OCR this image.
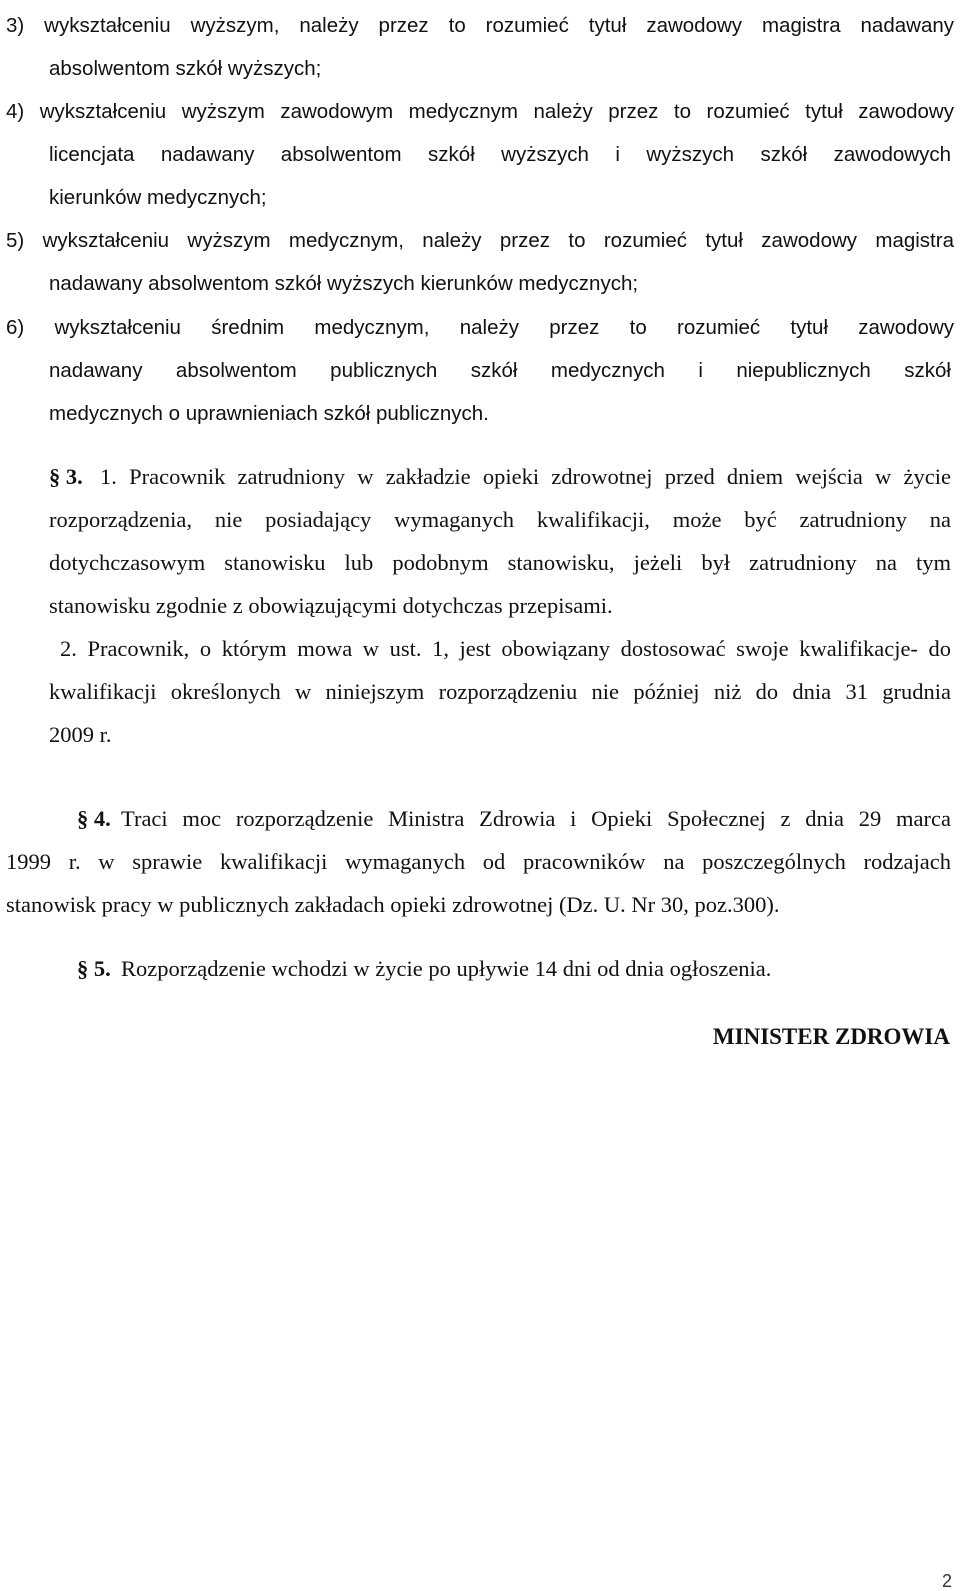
3) wykształceniu wyższym, należy przez to rozumieć tytuł zawodowy magistra nadawany
absolwentom szkół wyższych;
4) wykształceniu wyższym zawodowym medycznym należy przez to rozumieć tytuł zawodowy
licencjata nadawany absolwentom szkół wyższych i wyższych szkół zawodowych
kierunków medycznych;
5) wykształceniu wyższym medycznym, należy przez to rozumieć tytuł zawodowy magistra
nadawany absolwentom szkół wyższych kierunków medycznych;
6) wykształceniu średnim medycznym, należy przez to rozumieć tytuł zawodowy
nadawany absolwentom publicznych szkół medycznych i niepublicznych szkół
medycznych o uprawnieniach szkół publicznych.
§ 3. 1. Pracownik zatrudniony w zakładzie opieki zdrowotnej przed dniem wejścia w życie
rozporządzenia, nie posiadający wymaganych kwalifikacji, może być zatrudniony na
dotychczasowym stanowisku lub podobnym stanowisku, jeżeli był zatrudniony na tym
stanowisku zgodnie z obowiązującymi dotychczas przepisami.
2. Pracownik, o którym mowa w ust. 1, jest obowiązany dostosować swoje kwalifikacje- do
kwalifikacji określonych w niniejszym rozporządzeniu nie później niż do dnia 31 grudnia
2009 r.
§ 4. Traci moc rozporządzenie Ministra Zdrowia i Opieki Społecznej z dnia 29 marca
1999 r. w sprawie kwalifikacji wymaganych od pracowników na poszczególnych rodzajach
stanowisk pracy w publicznych zakładach opieki zdrowotnej (Dz. U. Nr 30, poz.300).
§ 5. Rozporządzenie wchodzi w życie po upływie 14 dni od dnia ogłoszenia.
MINISTER ZDROWIA
2
